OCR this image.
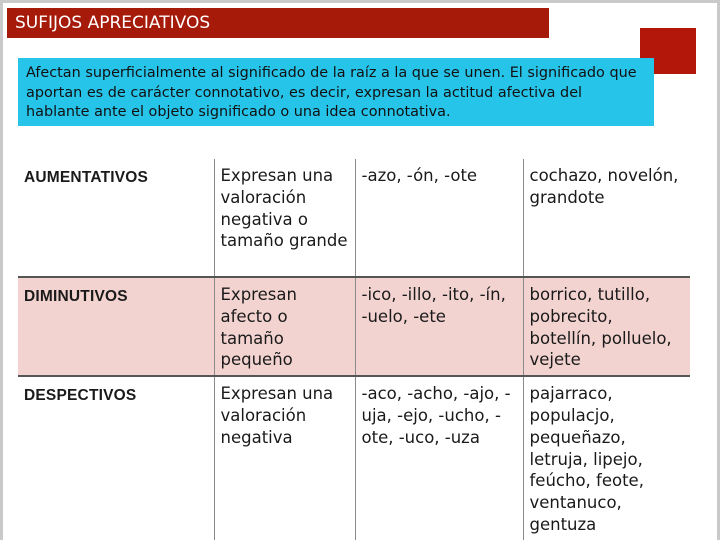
SUFIJOS APRECIATIVOS
Afectan superficialmente al significado de la raíz a la que se unen. El significado que aportan es de carácter connotativo, es decir, expresan la actitud afectiva del hablante ante el objeto significado o una idea connotativa.
AUMENTATIVOS	Expresan una valoración negativa o tamaño grande	-azo, -ón, -ote	cochazo, novelón, grandote
DIMINUTIVOS	Expresan afecto o tamaño pequeño	-ico, -illo, -ito, -ín, -uelo, -ete	borrico, tutillo, pobrecito, botellín, polluelo, vejete
DESPECTIVOS	Expresan una valoración negativa	-aco, -acho, -ajo, -uja, -ejo, -ucho, -ote, -uco, -uza	pajarraco, populacjo, pequeñazo, letruja, lipejo, feúcho, feote, ventanuco, gentuza
